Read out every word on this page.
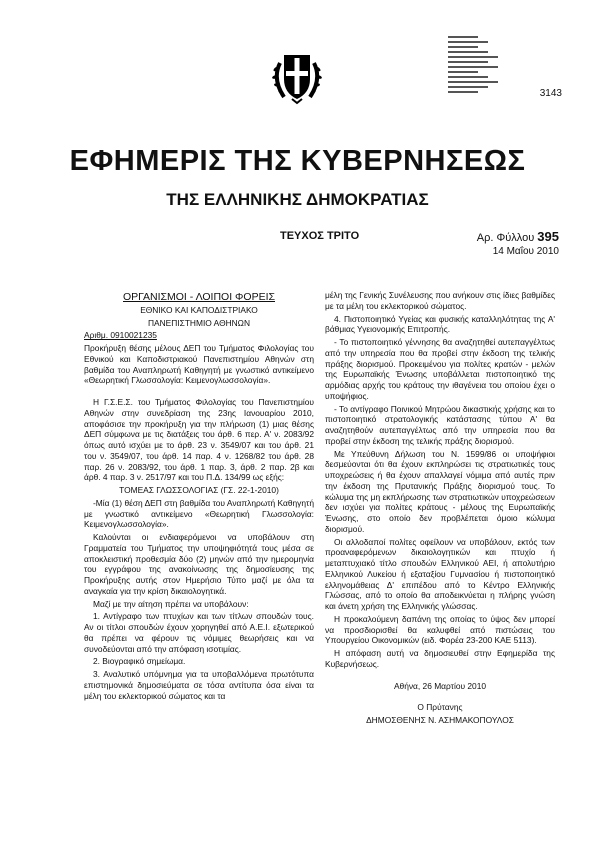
3143
ΕΦΗΜΕΡΙΣ ΤΗΣ ΚΥΒΕΡΝΗΣΕΩΣ
ΤΗΣ ΕΛΛΗΝΙΚΗΣ ΔΗΜΟΚΡΑΤΙΑΣ
ΤΕΥΧΟΣ ΤΡΙΤΟ	Αρ. Φύλλου 395
14 Μαΐου 2010

ΟΡΓΑΝΙΣΜΟΙ - ΛΟΙΠΟΙ ΦΟΡΕΙΣ

ΕΘΝΙΚΟ ΚΑΙ ΚΑΠΟΔΙΣΤΡΙΑΚΟ

ΠΑΝΕΠΙΣΤΗΜΙΟ ΑΘΗΝΩΝ

Αριθμ. 0910021235

Προκήρυξη θέσης μέλους ΔΕΠ του Τμήματος Φιλολογίας του Εθνικού και Καποδιστριακού Πανεπιστημίου Αθηνών στη βαθμίδα του Αναπληρωτή Καθηγητή με γνωστικό αντικείμενο «Θεωρητική Γλωσσολογία: Κειμενογλωσσολογία».

Η Γ.Σ.Ε.Σ. του Τμήματος Φιλολογίας του Πανεπιστημίου Αθηνών στην συνεδρίαση της 23ης Ιανουαρίου 2010, αποφάσισε την προκήρυξη για την πλήρωση (1) μιας θέσης ΔΕΠ σύμφωνα με τις διατάξεις του άρθ. 6 περ. Α' ν. 2083/92 όπως αυτό ισχύει με το άρθ. 23 ν. 3549/07 και του άρθ. 21 του ν. 3549/07, του άρθ. 14 παρ. 4 ν. 1268/82 του άρθ. 28 παρ. 26 ν. 2083/92, του άρθ. 1 παρ. 3, άρθ. 2 παρ. 2β και άρθ. 4 παρ. 3 ν. 2517/97 και του Π.Δ. 134/99 ως εξής:

ΤΟΜΕΑΣ ΓΛΩΣΣΟΛΟΓΙΑΣ (ΓΣ. 22-1-2010)

-Μία (1) θέση ΔΕΠ στη βαθμίδα του Αναπληρωτή Καθηγητή με γνωστικό αντικείμενο «Θεωρητική Γλωσσολογία: Κειμενογλωσσολογία».

Καλούνται οι ενδιαφερόμενοι να υποβάλουν στη Γραμματεία του Τμήματος την υποψηφιότητά τους μέσα σε αποκλειστική προθεσμία δύο (2) μηνών από την ημερομηνία του εγγράφου της ανακοίνωσης της δημοσίευσης της Προκήρυξης αυτής στον Ημερήσιο Τύπο μαζί με όλα τα αναγκαία για την κρίση δικαιολογητικά.

Μαζί με την αίτηση πρέπει να υποβάλουν:

1. Αντίγραφο των πτυχίων και των τίτλων σπουδών τους. Αν οι τίτλοι σπουδών έχουν χορηγηθεί από Α.Ε.Ι. εξωτερικού θα πρέπει να φέρουν τις νόμιμες θεωρήσεις και να συνοδεύονται από την απόφαση ισοτιμίας.

2. Βιογραφικό σημείωμα.

3. Αναλυτικό υπόμνημα για τα υποβαλλόμενα πρωτότυπα επιστημονικά δημοσιεύματα σε τόσα αντίτυπα όσα είναι τα μέλη του εκλεκτορικού σώματος και τα

μέλη της Γενικής Συνέλευσης που ανήκουν στις ίδιες βαθμίδες με τα μέλη του εκλεκτορικού σώματος.

4. Πιστοποιητικό Υγείας και φυσικής καταλληλότητας της Α' βάθμιας Υγειονομικής Επιτροπής.

- Το πιστοποιητικό γέννησης θα αναζητηθεί αυτεπαγγέλτως από την υπηρεσία που θα προβεί στην έκδοση της τελικής πράξης διορισμού. Προκειμένου για πολίτες κρατών - μελών της Ευρωπαϊκής Ένωσης υποβάλλεται πιστοποιητικό της αρμόδιας αρχής του κράτους την ιθαγένεια του οποίου έχει ο υποψήφιος.

- Το αντίγραφο Ποινικού Μητρώου δικαστικής χρήσης και το πιστοποιητικό στρατολογικής κατάστασης τύπου Α' θα αναζητηθούν αυτεπαγγέλτως από την υπηρεσία που θα προβεί στην έκδοση της τελικής πράξης διορισμού.

Με Υπεύθυνη Δήλωση του Ν. 1599/86 οι υποψήφιοι δεσμεύονται ότι θα έχουν εκπληρώσει τις στρατιωτικές τους υποχρεώσεις ή θα έχουν απαλλαγεί νόμιμα από αυτές πριν την έκδοση της Πρυτανικής Πράξης διορισμού τους. Το κώλυμα της μη εκπλήρωσης των στρατιωτικών υποχρεώσεων δεν ισχύει για πολίτες κράτους - μέλους της Ευρωπαϊκής Ένωσης, στο οποίο δεν προβλέπεται όμοιο κώλυμα διορισμού.

Οι αλλοδαποί πολίτες οφείλουν να υποβάλουν, εκτός των προαναφερόμενων δικαιολογητικών και πτυχίο ή μεταπτυχιακό τίτλο σπουδών Ελληνικού ΑΕΙ, ή απολυτήριο Ελληνικού Λυκείου ή εξαταξίου Γυμνασίου ή πιστοποιητικό ελληνομάθειας Δ' επιπέδου από το Κέντρο Ελληνικής Γλώσσας, από το οποίο θα αποδεικνύεται η πλήρης γνώση και άνετη χρήση της Ελληνικής γλώσσας.

Η προκαλούμενη δαπάνη της οποίας το ύψος δεν μπορεί να προσδιορισθεί θα καλυφθεί από πιστώσεις του Υπουργείου Οικονομικών (ειδ. Φορέα 23-200 ΚΑΕ 5113).

Η απόφαση αυτή να δημοσιευθεί στην Εφημερίδα της Κυβερνήσεως.

Αθήνα, 26 Μαρτίου 2010

Ο Πρύτανης

ΔΗΜΟΣΘΕΝΗΣ Ν. ΑΣΗΜΑΚΟΠΟΥΛΟΣ
